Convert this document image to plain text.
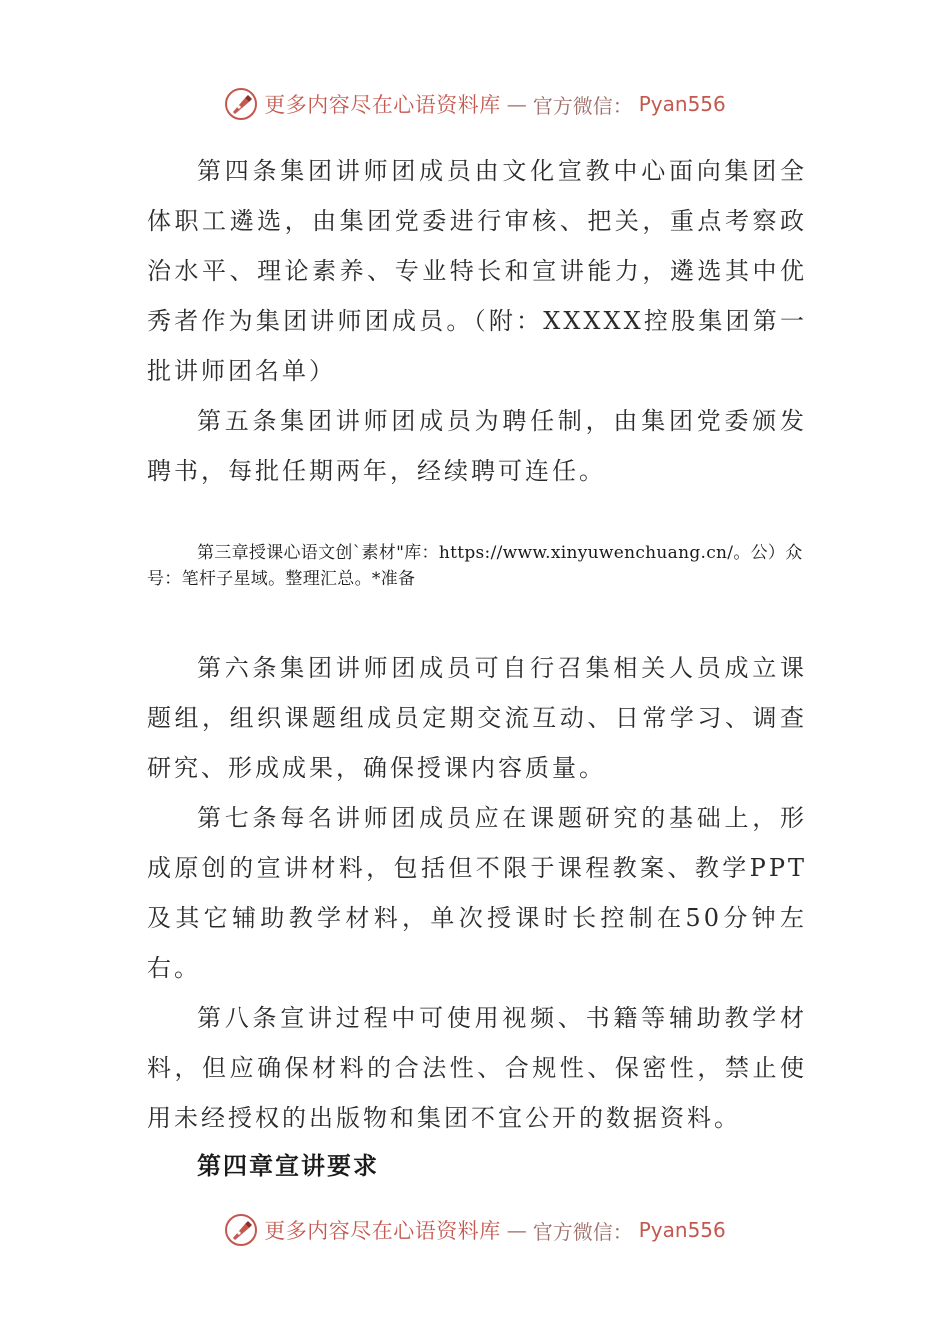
更多内容尽在心语资料库 — 官方微信： Pyan556

第四条集团讲师团成员由文化宣教中心面向集团全体职工遴选，由集团党委进行审核、把关，重点考察政治水平、理论素养、专业特长和宣讲能力，遴选其中优秀者作为集团讲师团成员。（附：XXXXX控股集团第一批讲师团名单）

第五条集团讲师团成员为聘任制，由集团党委颁发聘书，每批任期两年，经续聘可连任。

第三章授课心语文创`素材"库：https://www.xinyuwenchuang.cn/。公）众号：笔杆子星域。整理汇总。*准备

第六条集团讲师团成员可自行召集相关人员成立课题组，组织课题组成员定期交流互动、日常学习、调查研究、形成成果，确保授课内容质量。

第七条每名讲师团成员应在课题研究的基础上，形成原创的宣讲材料，包括但不限于课程教案、教学PPT及其它辅助教学材料，单次授课时长控制在50分钟左右。

第八条宣讲过程中可使用视频、书籍等辅助教学材料，但应确保材料的合法性、合规性、保密性，禁止使用未经授权的出版物和集团不宜公开的数据资料。

第四章宣讲要求
更多内容尽在心语资料库 — 官方微信： Pyan556
